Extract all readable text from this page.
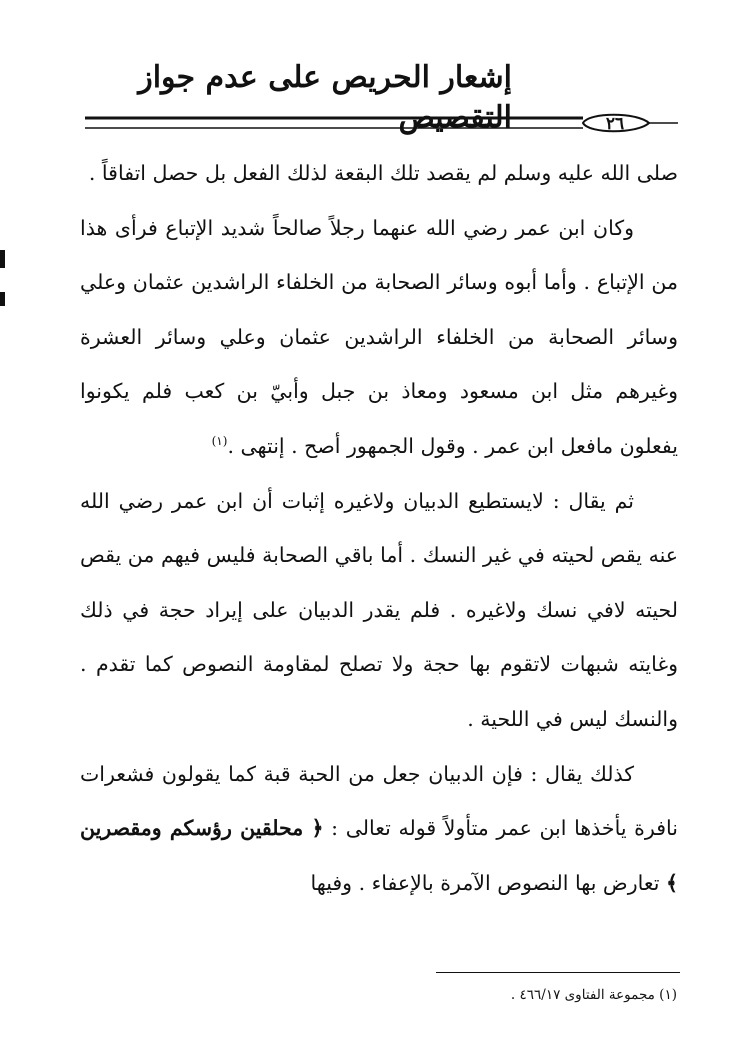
إشعار الحريص على عدم جواز التقصيص	٢٦

صلى الله عليه وسلم لم يقصد تلك البقعة لذلك الفعل بل حصل اتفاقاً .

وكان ابن عمر رضي الله عنهما رجلاً صالحاً شديد الإتباع فرأى هذا من الإتباع . وأما أبوه وسائر الصحابة من الخلفاء الراشدين عثمان وعلي وسائر الصحابة من الخلفاء الراشدين عثمان وعلي وسائر العشرة وغيرهم مثل ابن مسعود ومعاذ بن جبل وأبيّ بن كعب فلم يكونوا يفعلون مافعل ابن عمر . وقول الجمهور أصح . إنتهى .$^{(١)}$

ثم يقال : لايستطيع الدبيان ولاغيره إثبات أن ابن عمر رضي الله عنه يقص لحيته في غير النسك . أما باقي الصحابة فليس فيهم من يقص لحيته لافي نسك ولاغيره . فلم يقدر الدبيان على إيراد حجة في ذلك وغايته شبهات لاتقوم بها حجة ولا تصلح لمقاومة النصوص كما تقدم . والنسك ليس في اللحية .

كذلك يقال : فإن الدبيان جعل من الحبة قبة كما يقولون فشعرات نافرة يأخذها ابن عمر متأولاً قوله تعالى : ﴿ محلقين رؤسكم ومقصرين ﴾ تعارض بها النصوص الآمرة بالإعفاء . وفيها

(١) مجموعة الفتاوى ٤٦٦/١٧ .
